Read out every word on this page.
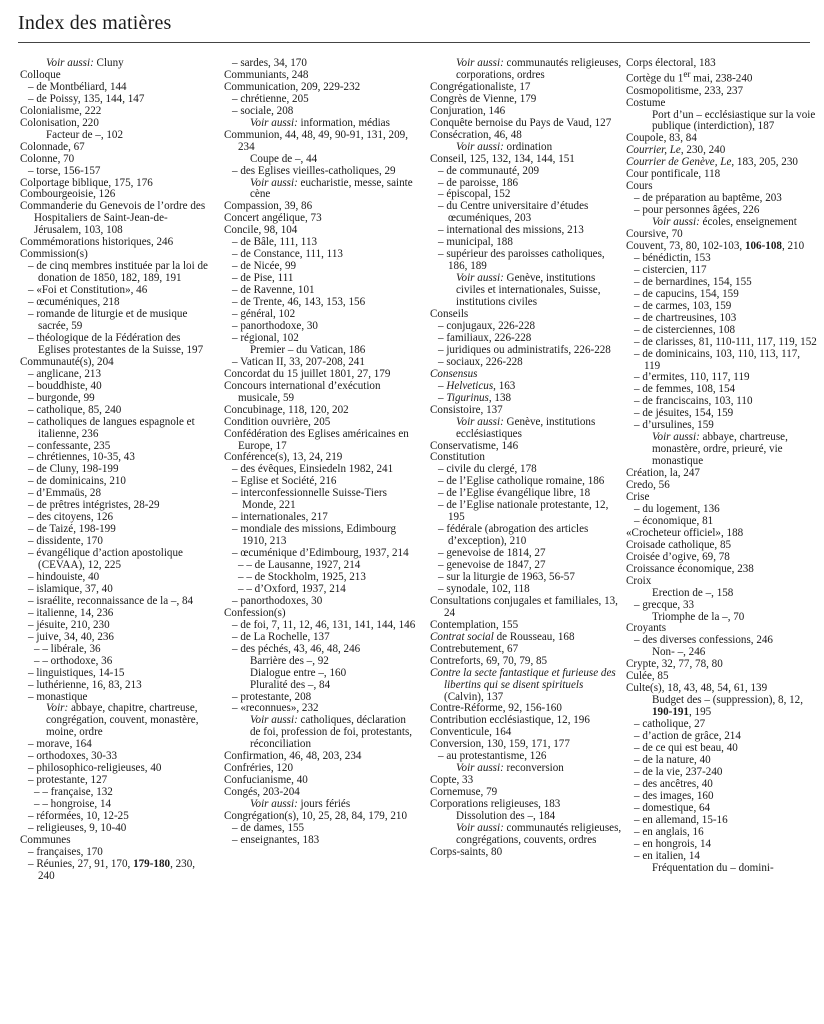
Index des matières
Voir aussi: Cluny
Colloque
– de Montbéliard, 144
– de Poissy, 135, 144, 147
Colonialisme, 222
Colonisation, 220
Facteur de –, 102
Colonnade, 67
Colonne, 70
– torse, 156-157
Colportage biblique, 175, 176
Combourgeoisie, 126
Commanderie du Genevois de l’ordre des Hospitaliers de Saint-Jean-de-Jérusalem, 103, 108
Commémorations historiques, 246
Commission(s)
– de cinq membres instituée par la loi de donation de 1850, 182, 189, 191
– «Foi et Constitution», 46
– œcuméniques, 218
– romande de liturgie et de musique sacrée, 59
– théologique de la Fédération des Eglises protestantes de la Suisse, 197
Communauté(s), 204
– anglicane, 213
– bouddhiste, 40
– burgonde, 99
– catholique, 85, 240
– catholiques de langues espagnole et italienne, 236
– confessante, 235
– chrétiennes, 10-35, 43
– de Cluny, 198-199
– de dominicains, 210
– d’Emmaüs, 28
– de prêtres intégristes, 28-29
– des citoyens, 126
– de Taizé, 198-199
– dissidente, 170
– évangélique d’action apostolique (CEVAA), 12, 225
– hindouiste, 40
– islamique, 37, 40
– israélite, reconnaissance de la –, 84
– italienne, 14, 236
– jésuite, 210, 230
– juive, 34, 40, 236
– – libérale, 36
– – orthodoxe, 36
– linguistiques, 14-15
– luthérienne, 16, 83, 213
– monastique
Voir: abbaye, chapitre, chartreuse, congrégation, couvent, monastère, moine, ordre
– morave, 164
– orthodoxes, 30-33
– philosophico-religieuses, 40
– protestante, 127
– – française, 132
– – hongroise, 14
– réformées, 10, 12-25
– religieuses, 9, 10-40
Communes
– françaises, 170
– Réunies, 27, 91, 170, 179-180, 230, 240
– sardes, 34, 170
Communiants, 248
Communication, 209, 229-232
– chrétienne, 205
– sociale, 208
Voir aussi: information, médias
Communion, 44, 48, 49, 90-91, 131, 209, 234
Coupe de –, 44
– des Eglises vieilles-catholiques, 29
Voir aussi: eucharistie, messe, sainte cène
Compassion, 39, 86
Concert angélique, 73
Concile, 98, 104
– de Bâle, 111, 113
– de Constance, 111, 113
– de Nicée, 99
– de Pise, 111
– de Ravenne, 101
– de Trente, 46, 143, 153, 156
– général, 102
– panorthodoxe, 30
– régional, 102
Premier – du Vatican, 186
– Vatican II, 33, 207-208, 241
Concordat du 15 juillet 1801, 27, 179
Concours international d’exécution musicale, 59
Concubinage, 118, 120, 202
Condition ouvrière, 205
Confédération des Eglises américaines en Europe, 17
Conférence(s), 13, 24, 219
– des évêques, Einsiedeln 1982, 241
– Eglise et Société, 216
– interconfessionnelle Suisse-Tiers Monde, 221
– internationales, 217
– mondiale des missions, Edimbourg 1910, 213
– œcuménique d’Edimbourg, 1937, 214
– – de Lausanne, 1927, 214
– – de Stockholm, 1925, 213
– – d’Oxford, 1937, 214
– panorthodoxes, 30
Confession(s)
– de foi, 7, 11, 12, 46, 131, 141, 144, 146
– de La Rochelle, 137
– des péchés, 43, 46, 48, 246
Barrière des –, 92
Dialogue entre –, 160
Pluralité des –, 84
– protestante, 208
– «reconnues», 232
Voir aussi: catholiques, déclaration de foi, profession de foi, protestants, réconciliation
Confirmation, 46, 48, 203, 234
Confréries, 120
Confucianisme, 40
Congés, 203-204
Voir aussi: jours fériés
Congrégation(s), 10, 25, 28, 84, 179, 210
– de dames, 155
– enseignantes, 183
Voir aussi: communautés religieuses, corporations, ordres
Congrégationaliste, 17
Congrès de Vienne, 179
Conjuration, 146
Conquête bernoise du Pays de Vaud, 127
Consécration, 46, 48
Voir aussi: ordination
Conseil, 125, 132, 134, 144, 151
– de communauté, 209
– de paroisse, 186
– épiscopal, 152
– du Centre universitaire d’études œcuméniques, 203
– international des missions, 213
– municipal, 188
– supérieur des paroisses catholiques, 186, 189
Voir aussi: Genève, institutions civiles et internationales, Suisse, institutions civiles
Conseils
– conjugaux, 226-228
– familiaux, 226-228
– juridiques ou administratifs, 226-228
– sociaux, 226-228
Consensus
– Helveticus, 163
– Tigurinus, 138
Consistoire, 137
Voir aussi: Genève, institutions ecclésiastiques
Conservatisme, 146
Constitution
– civile du clergé, 178
– de l’Eglise catholique romaine, 186
– de l’Eglise évangélique libre, 18
– de l’Eglise nationale protestante, 12, 195
– fédérale (abrogation des articles d’exception), 210
– genevoise de 1814, 27
– genevoise de 1847, 27
– sur la liturgie de 1963, 56-57
– synodale, 102, 118
Consultations conjugales et familiales, 13, 24
Contemplation, 155
Contrat social de Rousseau, 168
Contrebutement, 67
Contreforts, 69, 70, 79, 85
Contre la secte fantastique et furieuse des libertins qui se disent spirituels (Calvin), 137
Contre-Réforme, 92, 156-160
Contribution ecclésiastique, 12, 196
Conventicule, 164
Conversion, 130, 159, 171, 177
– au protestantisme, 126
Voir aussi: reconversion
Copte, 33
Cornemuse, 79
Corporations religieuses, 183
Dissolution des –, 184
Voir aussi: communautés religieuses, congrégations, couvents, ordres
Corps-saints, 80
Corps électoral, 183
Cortège du 1er mai, 238-240
Cosmopolitisme, 233, 237
Costume
Port d’un – ecclésiastique sur la voie publique (interdiction), 187
Coupole, 83, 84
Courrier, Le, 230, 240
Courrier de Genève, Le, 183, 205, 230
Cour pontificale, 118
Cours
– de préparation au baptême, 203
– pour personnes âgées, 226
Voir aussi: écoles, enseignement
Coursive, 70
Couvent, 73, 80, 102-103, 106-108, 210
– bénédictin, 153
– cistercien, 117
– de bernardines, 154, 155
– de capucins, 154, 159
– de carmes, 103, 159
– de chartreusines, 103
– de cisterciennes, 108
– de clarisses, 81, 110-111, 117, 119, 152
– de dominicains, 103, 110, 113, 117, 119
– d’ermites, 110, 117, 119
– de femmes, 108, 154
– de franciscains, 103, 110
– de jésuites, 154, 159
– d’ursulines, 159
Voir aussi: abbaye, chartreuse, monastère, ordre, prieuré, vie monastique
Création, la, 247
Credo, 56
Crise
– du logement, 136
– économique, 81
«Crocheteur officiel», 188
Croisade catholique, 85
Croisée d’ogive, 69, 78
Croissance économique, 238
Croix
Erection de –, 158
– grecque, 33
Triomphe de la –, 70
Croyants
– des diverses confessions, 246
Non- –, 246
Crypte, 32, 77, 78, 80
Culée, 85
Culte(s), 18, 43, 48, 54, 61, 139
Budget des – (suppression), 8, 12, 190-191, 195
– catholique, 27
– d’action de grâce, 214
– de ce qui est beau, 40
– de la nature, 40
– de la vie, 237-240
– des ancêtres, 40
– des images, 160
– domestique, 64
– en allemand, 15-16
– en anglais, 16
– en hongrois, 14
– en italien, 14
Fréquentation du – domini-
